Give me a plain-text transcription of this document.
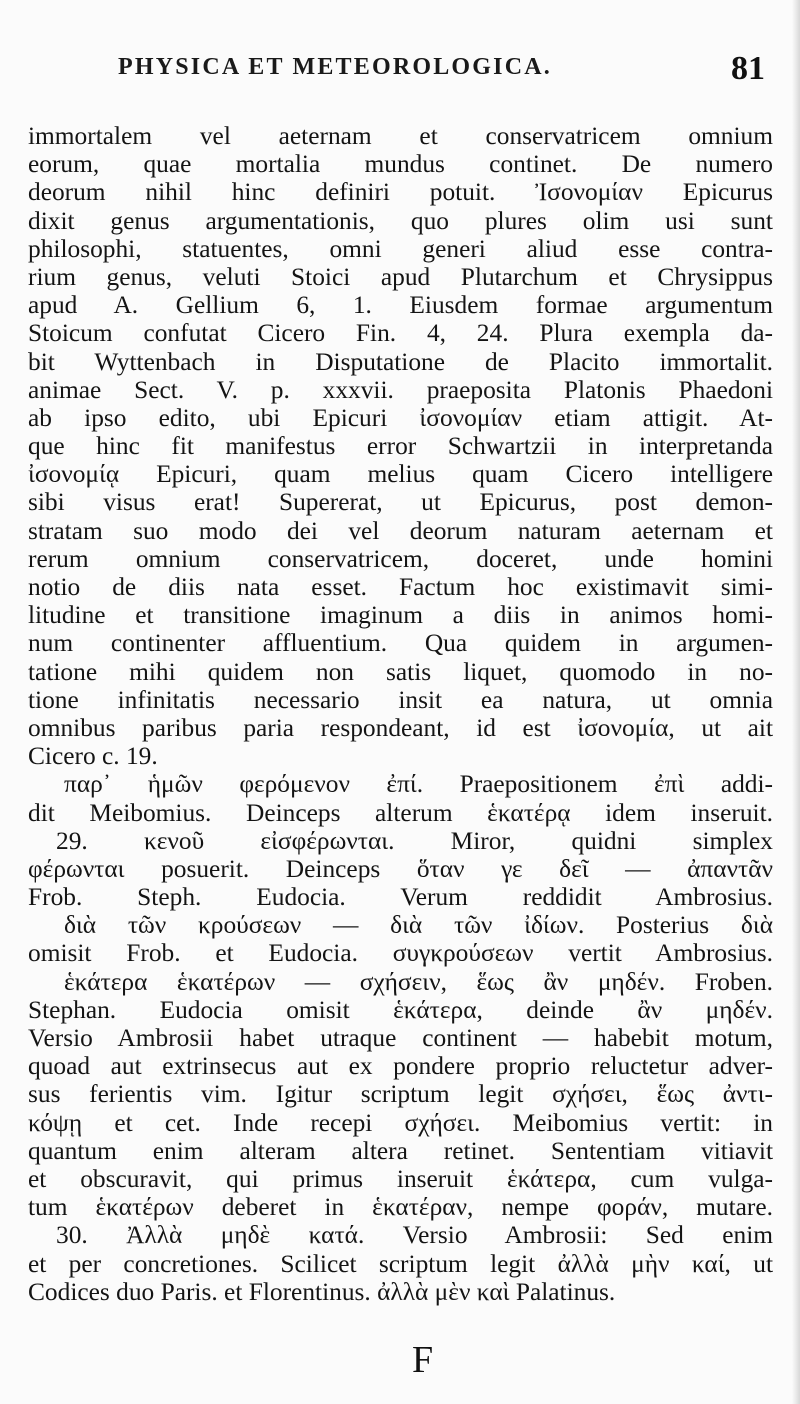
PHYSICA ET METEOROLOGICA.	81
immortalem vel aeternam et conservatricem omnium
eorum, quae mortalia mundus continet. De numero
deorum nihil hinc definiri potuit. Ἰσονομίαν Epicurus
dixit genus argumentationis, quo plures olim usi sunt
philosophi, statuentes, omni generi aliud esse contra-
rium genus, veluti Stoici apud Plutarchum et Chrysippus
apud A. Gellium 6, 1. Eiusdem formae argumentum
Stoicum confutat Cicero Fin. 4, 24. Plura exempla da-
bit Wyttenbach in Disputatione de Placito immortalit.
animae Sect. V. p. xxxvii. praeposita Platonis Phaedoni
ab ipso edito, ubi Epicuri ἰσονομίαν etiam attigit. At-
que hinc fit manifestus error Schwartzii in interpretanda
ἰσονομίᾳ Epicuri, quam melius quam Cicero intelligere
sibi visus erat! Supererat, ut Epicurus, post demon-
stratam suo modo dei vel deorum naturam aeternam et
rerum omnium conservatricem, doceret, unde homini
notio de diis nata esset. Factum hoc existimavit simi-
litudine et transitione imaginum a diis in animos homi-
num continenter affluentium. Qua quidem in argumen-
tatione mihi quidem non satis liquet, quomodo in no-
tione infinitatis necessario insit ea natura, ut omnia
omnibus paribus paria respondeant, id est ἰσονομία, ut ait
Cicero c. 19.
παρ᾽ ἡμῶν φερόμενον ἐπί. Praepositionem ἐπὶ addi-
dit Meibomius. Deinceps alterum ἑκατέρᾳ idem inseruit.
29. κενοῦ εἰσφέρωνται. Miror, quidni simplex
φέρωνται posuerit. Deinceps ὅταν γε δεῖ — ἀπαντᾶν
Frob. Steph. Eudocia. Verum reddidit Ambrosius.
διὰ τῶν κρούσεων — διὰ τῶν ἰδίων. Posterius διὰ
omisit Frob. et Eudocia. συγκρούσεων vertit Ambrosius.
ἑκάτερα ἑκατέρων — σχήσειν, ἕως ἂν μηδέν. Froben.
Stephan. Eudocia omisit ἑκάτερα, deinde ἂν μηδέν.
Versio Ambrosii habet utraque continent — habebit motum,
quoad aut extrinsecus aut ex pondere proprio reluctetur adver-
sus ferientis vim. Igitur scriptum legit σχήσει, ἕως ἀντι-
κόψῃ et cet. Inde recepi σχήσει. Meibomius vertit: in
quantum enim alteram altera retinet. Sententiam vitiavit
et obscuravit, qui primus inseruit ἑκάτερα, cum vulga-
tum ἑκατέρων deberet in ἑκατέραν, nempe φοράν, mutare.
30. Ἀλλὰ μηδὲ κατά. Versio Ambrosii: Sed enim
et per concretiones. Scilicet scriptum legit ἀλλὰ μὴν καί, ut
Codices duo Paris. et Florentinus. ἀλλὰ μὲν καὶ Palatinus.
F
